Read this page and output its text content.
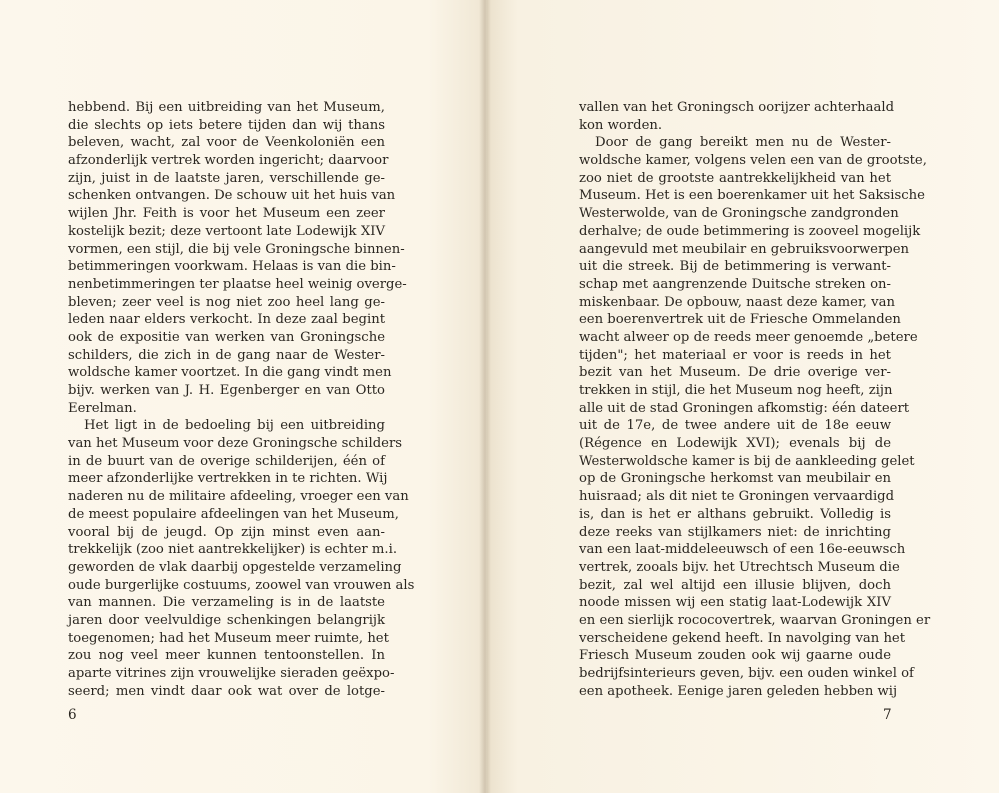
hebbend. Bij een uitbreiding van het Museum,
die slechts op iets betere tijden dan wij thans
beleven, wacht, zal voor de Veenkoloniën een
afzonderlijk vertrek worden ingericht; daarvoor
zijn, juist in de laatste jaren, verschillende ge-
schenken ontvangen. De schouw uit het huis van
wijlen Jhr. Feith is voor het Museum een zeer
kostelijk bezit; deze vertoont late Lodewijk XIV
vormen, een stijl, die bij vele Groningsche binnen-
betimmeringen voorkwam. Helaas is van die bin-
nenbetimmeringen ter plaatse heel weinig overge-
bleven; zeer veel is nog niet zoo heel lang ge-
leden naar elders verkocht. In deze zaal begint
ook de expositie van werken van Groningsche
schilders, die zich in de gang naar de Wester-
woldsche kamer voortzet. In die gang vindt men
bijv. werken van J. H. Egenberger en van Otto
Eerelman.
Het ligt in de bedoeling bij een uitbreiding
van het Museum voor deze Groningsche schilders
in de buurt van de overige schilderijen, één of
meer afzonderlijke vertrekken in te richten. Wij
naderen nu de militaire afdeeling, vroeger een van
de meest populaire afdeelingen van het Museum,
vooral bij de jeugd. Op zijn minst even aan-
trekkelijk (zoo niet aantrekkelijker) is echter m.i.
geworden de vlak daarbij opgestelde verzameling
oude burgerlijke costuums, zoowel van vrouwen als
van mannen. Die verzameling is in de laatste
jaren door veelvuldige schenkingen belangrijk
toegenomen; had het Museum meer ruimte, het
zou nog veel meer kunnen tentoonstellen. In
aparte vitrines zijn vrouwelijke sieraden geëxpo-
seerd; men vindt daar ook wat over de lotge-
vallen van het Groningsch oorijzer achterhaald
kon worden.
Door de gang bereikt men nu de Wester-
woldsche kamer, volgens velen een van de grootste,
zoo niet de grootste aantrekkelijkheid van het
Museum. Het is een boerenkamer uit het Saksische
Westerwolde, van de Groningsche zandgronden
derhalve; de oude betimmering is zooveel mogelijk
aangevuld met meubilair en gebruiksvoorwerpen
uit die streek. Bij de betimmering is verwant-
schap met aangrenzende Duitsche streken on-
miskenbaar. De opbouw, naast deze kamer, van
een boerenvertrek uit de Friesche Ommelanden
wacht alweer op de reeds meer genoemde „betere
tijden"; het materiaal er voor is reeds in het
bezit van het Museum. De drie overige ver-
trekken in stijl, die het Museum nog heeft, zijn
alle uit de stad Groningen afkomstig: één dateert
uit de 17e, de twee andere uit de 18e eeuw
(Régence en Lodewijk XVI); evenals bij de
Westerwoldsche kamer is bij de aankleeding gelet
op de Groningsche herkomst van meubilair en
huisraad; als dit niet te Groningen vervaardigd
is, dan is het er althans gebruikt. Volledig is
deze reeks van stijlkamers niet: de inrichting
van een laat-middeleeuwsch of een 16e-eeuwsch
vertrek, zooals bijv. het Utrechtsch Museum die
bezit, zal wel altijd een illusie blijven, doch
noode missen wij een statig laat-Lodewijk XIV
en een sierlijk rococovertrek, waarvan Groningen er
verscheidene gekend heeft. In navolging van het
Friesch Museum zouden ook wij gaarne oude
bedrijfsinterieurs geven, bijv. een ouden winkel of
een apotheek. Eenige jaren geleden hebben wij
6	7
